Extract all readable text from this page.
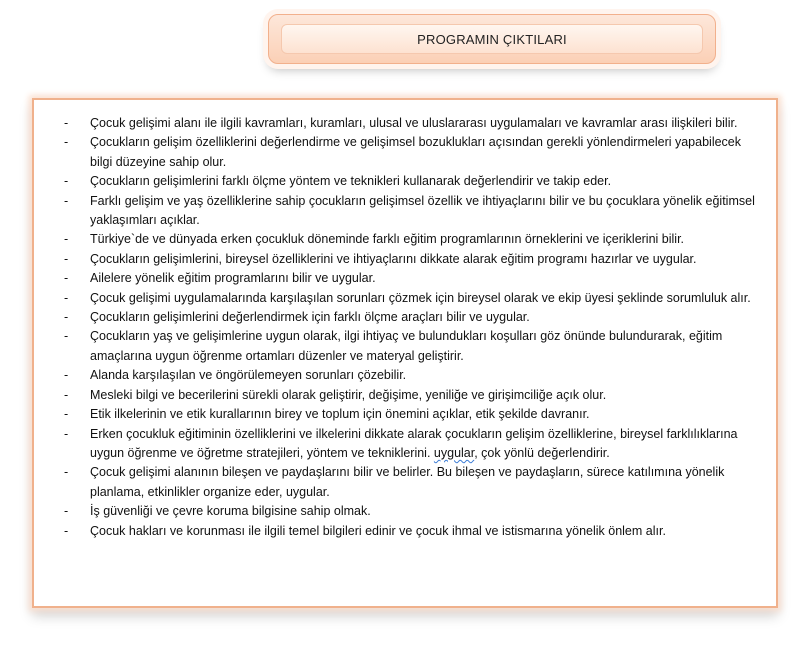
PROGRAMIN ÇIKTILARI
-	Çocuk gelişimi alanı ile ilgili kavramları, kuramları, ulusal ve uluslararası uygulamaları ve kavramlar arası ilişkileri bilir.
-	Çocukların gelişim özelliklerini değerlendirme ve gelişimsel bozuklukları açısından gerekli yönlendirmeleri yapabilecek bilgi düzeyine sahip olur.
-	Çocukların gelişimlerini farklı ölçme yöntem ve teknikleri kullanarak değerlendirir ve takip eder.
-	Farklı gelişim ve yaş özelliklerine sahip çocukların gelişimsel özellik ve ihtiyaçlarını bilir ve bu çocuklara yönelik eğitimsel yaklaşımları açıklar.
-	Türkiye`de ve dünyada erken çocukluk döneminde farklı eğitim programlarının örneklerini ve içeriklerini bilir.
-	Çocukların gelişimlerini, bireysel özelliklerini ve ihtiyaçlarını dikkate alarak eğitim programı hazırlar ve uygular.
-	Ailelere yönelik eğitim programlarını bilir ve uygular.
-	Çocuk gelişimi uygulamalarında karşılaşılan sorunları çözmek için bireysel olarak ve ekip üyesi şeklinde sorumluluk alır.
-	Çocukların gelişimlerini değerlendirmek için farklı ölçme araçları bilir ve uygular.
-	Çocukların yaş ve gelişimlerine uygun olarak, ilgi ihtiyaç ve bulundukları koşulları göz önünde bulundurarak, eğitim amaçlarına uygun öğrenme ortamları düzenler ve materyal geliştirir.
-	Alanda karşılaşılan ve öngörülemeyen sorunları çözebilir.
-	Mesleki bilgi ve becerilerini sürekli olarak geliştirir, değişime, yeniliğe ve girişimciliğe açık olur.
-	Etik ilkelerinin ve etik kurallarının birey ve toplum için önemini açıklar, etik şekilde davranır.
-	Erken çocukluk eğitiminin özelliklerini ve ilkelerini dikkate alarak çocukların gelişim özelliklerine, bireysel farklılıklarına uygun öğrenme ve öğretme stratejileri, yöntem ve tekniklerini. uygular, çok yönlü değerlendirir.
-	Çocuk gelişimi alanının bileşen ve paydaşlarını bilir ve belirler. Bu bileşen ve paydaşların, sürece katılımına yönelik planlama, etkinlikler organize eder, uygular.
-	İş güvenliği ve çevre koruma bilgisine sahip olmak.
-	Çocuk hakları ve korunması ile ilgili temel bilgileri edinir ve çocuk ihmal ve istismarına yönelik önlem alır.
